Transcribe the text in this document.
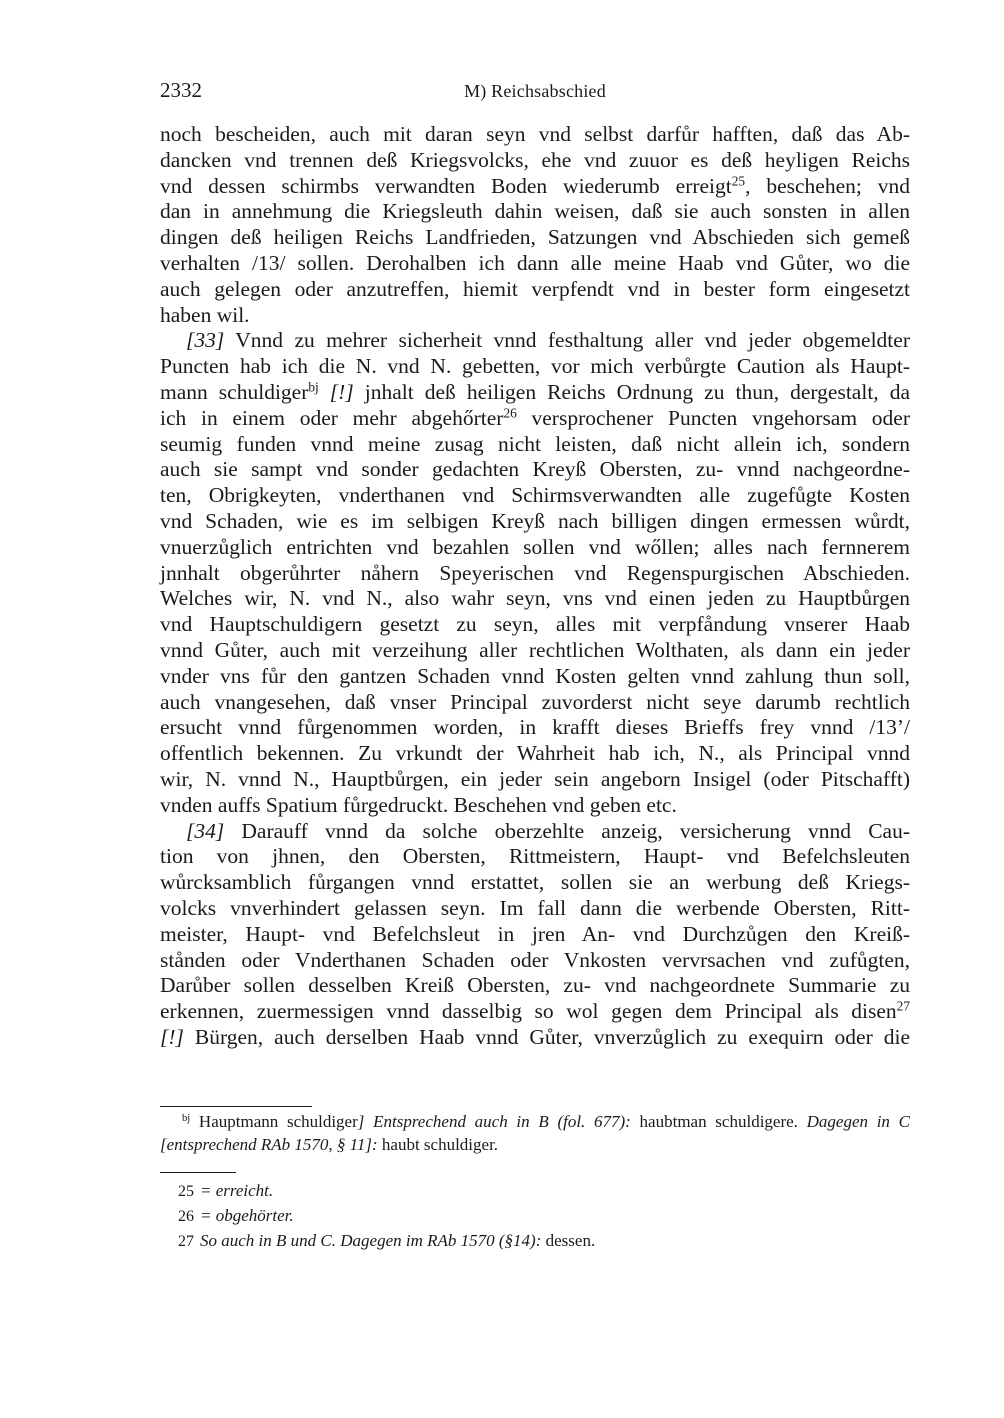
2332	M) Reichsabschied

noch bescheiden, auch mit daran seyn vnd selbst darfůr hafften, daß das Ab-
dancken vnd trennen deß Kriegsvolcks, ehe vnd zuuor es deß heyligen Reichs
vnd dessen schirmbs verwandten Boden wiederumb erreigt$^{25}$, beschehen; vnd
dan in annehmung die Kriegsleuth dahin weisen, daß sie auch sonsten in allen
dingen deß heiligen Reichs Landfrieden, Satzungen vnd Abschieden sich gemeß
verhalten /13/ sollen. Derohalben ich dann alle meine Haab vnd Gůter, wo die
auch gelegen oder anzutreffen, hiemit verpfendt vnd in bester form eingesetzt
haben wil.

[33] Vnnd zu mehrer sicherheit vnnd festhaltung aller vnd jeder obgemeldter
Puncten hab ich die N. vnd N. gebetten, vor mich verbůrgte Caution als Haupt-
mann schuldiger$^{bj}$ [!] jnhalt deß heiligen Reichs Ordnung zu thun, dergestalt, da
ich in einem oder mehr abgehőrter$^{26}$ versprochener Puncten vngehorsam oder
seumig funden vnnd meine zusag nicht leisten, daß nicht allein ich, sondern
auch sie sampt vnd sonder gedachten Kreyß Obersten, zu- vnnd nachgeordne-
ten, Obrigkeyten, vnderthanen vnd Schirmsverwandten alle zugefůgte Kosten
vnd Schaden, wie es im selbigen Kreyß nach billigen dingen ermessen wůrdt,
vnuerzůglich entrichten vnd bezahlen sollen vnd wőllen; alles nach fernnerem
jnnhalt obgerůhrter nåhern Speyerischen vnd Regenspurgischen Abschieden.
Welches wir, N. vnd N., also wahr seyn, vns vnd einen jeden zu Hauptbůrgen
vnd Hauptschuldigern gesetzt zu seyn, alles mit verpfåndung vnserer Haab
vnnd Gůter, auch mit verzeihung aller rechtlichen Wolthaten, als dann ein jeder
vnder vns fůr den gantzen Schaden vnnd Kosten gelten vnnd zahlung thun soll,
auch vnangesehen, daß vnser Principal zuvorderst nicht seye darumb rechtlich
ersucht vnnd fůrgenommen worden, in krafft dieses Brieffs frey vnnd /13’/
offentlich bekennen. Zu vrkundt der Wahrheit hab ich, N., als Principal vnnd
wir, N. vnnd N., Hauptbůrgen, ein jeder sein angeborn Insigel (oder Pitschafft)
vnden auffs Spatium fůrgedruckt. Beschehen vnd geben etc.

[34] Darauff vnnd da solche oberzehlte anzeig, versicherung vnnd Cau-
tion von jhnen, den Obersten, Rittmeistern, Haupt- vnd Befelchsleuten
wůrcksamblich fůrgangen vnnd erstattet, sollen sie an werbung deß Kriegs-
volcks vnverhindert gelassen seyn. Im fall dann die werbende Obersten, Ritt-
meister, Haupt- vnd Befelchsleut in jren An- vnd Durchzůgen den Kreiß-
stånden oder Vnderthanen Schaden oder Vnkosten vervrsachen vnd zufůgten,
Darůber sollen desselben Kreiß Obersten, zu- vnd nachgeordnete Summarie zu
erkennen, zuermessigen vnnd dasselbig so wol gegen dem Principal als disen$^{27}$
[!] Bürgen, auch derselben Haab vnnd Gůter, vnverzůglich zu exequirn oder die

$^{bj}$ Hauptmann schuldiger] Entsprechend auch in B (fol. 677): haubtman schuldigere. Dagegen in C [entsprechend RAb 1570, § 11]: haubt schuldiger.
25 = erreicht.
26 = obgehörter.
27 So auch in B und C. Dagegen im RAb 1570 (§14): dessen.
